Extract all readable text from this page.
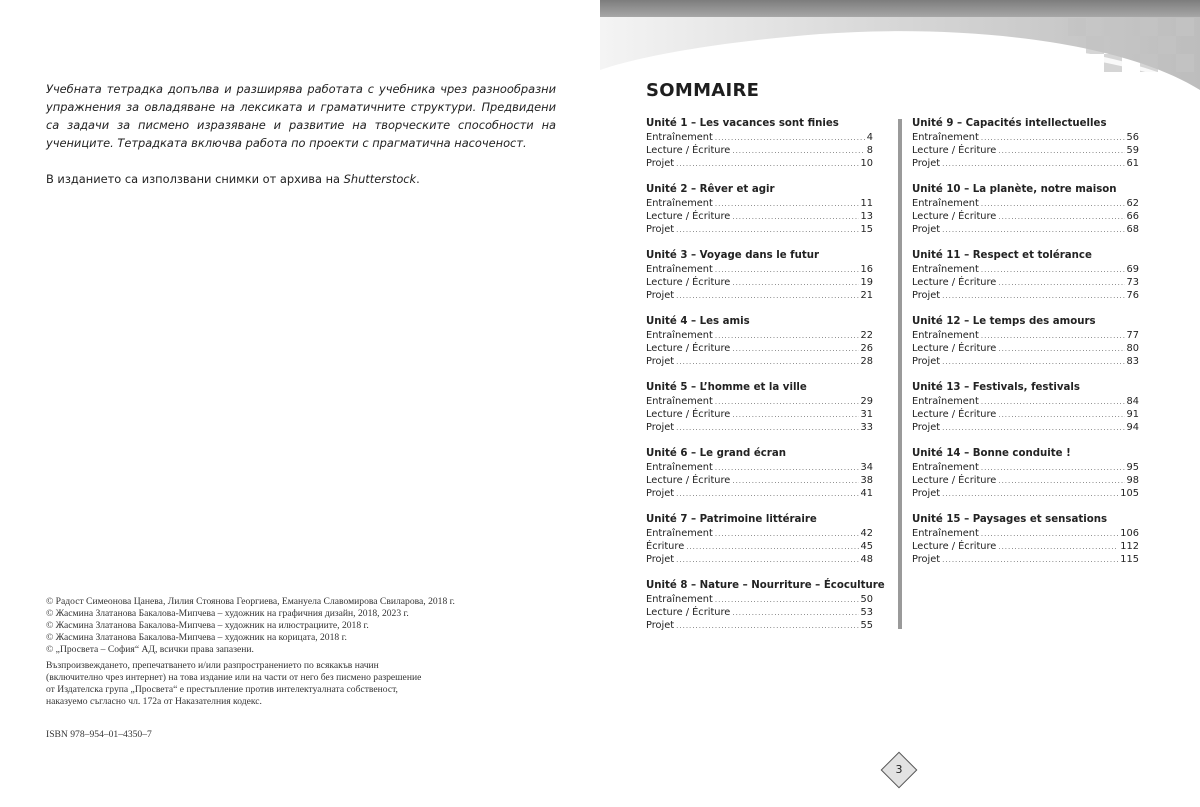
Учебната тетрадка допълва и разширява работата с учебника чрез разнообразни упражнения за овладяване на лексиката и граматичните структури. Предвидени са задачи за писмено изразяване и развитие на творческите способности на учениците. Тетрадката включва работа по проекти с прагматична насоченост.

В изданието са използвани снимки от архива на Shutterstock.

© Радост Симеонова Цанева, Лилия Стоянова Георгиева, Емануела Славомирова Свиларова, 2018 г.
© Жасмина Златанова Бакалова-Мипчева – художник на графичния дизайн, 2018, 2023 г.
© Жасмина Златанова Бакалова-Мипчева – художник на илюстрациите, 2018 г.
© Жасмина Златанова Бакалова-Мипчева – художник на корицата, 2018 г.
© „Просвета – София“ АД, всички права запазени.
Възпроизвеждането, препечатването и/или разпространението по всякакъв начин
(включително чрез интернет) на това издание или на части от него без писмено разрешение
от Издателска група „Просвета“ е престъпление против интелектуалната собственост,
наказуемо съгласно чл. 172а от Наказателния кодекс.
ISBN 978–954–01–4350–7
SOMMAIRE
Unité 1 – Les vacances sont finies
Entraînement .....	4
Lecture / Écriture .....	8
Projet .....	10
Unité 2 – Rêver et agir
Entraînement .....	11
Lecture / Écriture .....	13
Projet .....	15
Unité 3 – Voyage dans le futur
Entraînement .....	16
Lecture / Écriture .....	19
Projet .....	21
Unité 4 – Les amis
Entraînement .....	22
Lecture / Écriture .....	26
Projet .....	28
Unité 5 – L’homme et la ville
Entraînement .....	29
Lecture / Écriture .....	31
Projet .....	33
Unité 6 – Le grand écran
Entraînement .....	34
Lecture / Écriture .....	38
Projet .....	41
Unité 7 – Patrimoine littéraire
Entraînement .....	42
Écriture .....	45
Projet .....	48
Unité 8 – Nature – Nourriture – Écoculture
Entraînement .....	50
Lecture / Écriture .....	53
Projet .....	55
Unité 9 – Capacités intellectuelles
Entraînement .....	56
Lecture / Écriture .....	59
Projet .....	61
Unité 10 – La planète, notre maison
Entraînement .....	62
Lecture / Écriture .....	66
Projet .....	68
Unité 11 – Respect et tolérance
Entraînement .....	69
Lecture / Écriture .....	73
Projet .....	76
Unité 12 – Le temps des amours
Entraînement .....	77
Lecture / Écriture .....	80
Projet .....	83
Unité 13 – Festivals, festivals
Entraînement .....	84
Lecture / Écriture .....	91
Projet .....	94
Unité 14 – Bonne conduite !
Entraînement .....	95
Lecture / Écriture .....	98
Projet .....	105
Unité 15 – Paysages et sensations
Entraînement .....	106
Lecture / Écriture .....	112
Projet .....	115
3
